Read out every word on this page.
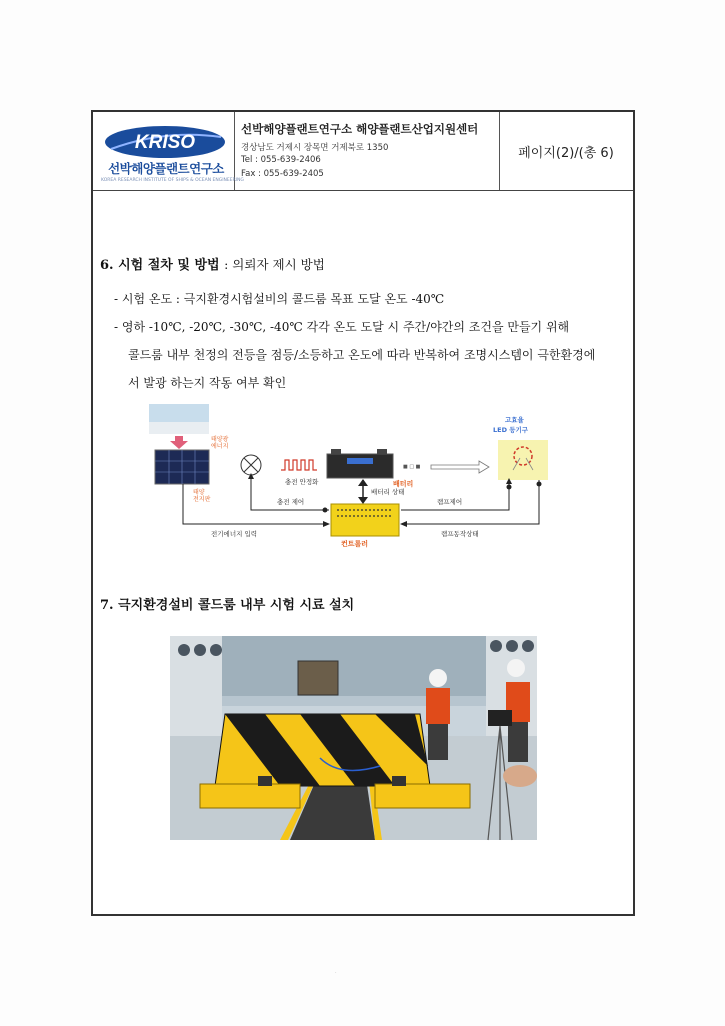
KRISO
선박해양플랜트연구소
KOREA RESEARCH INSTITUTE OF SHIPS & OCEAN ENGINEERING
선박해양플랜트연구소 해양플랜트산업지원센터
경상남도 거제시 장목면 거제북로 1350
Tel : 055-639-2406
Fax : 055-639-2405
페이지(2)/(총 6)
6. 시험 절차 및 방법 : 의뢰자 제시 방법
- 시험 온도 : 극지환경시험설비의 콜드룸 목표 도달 온도 -40℃
- 영하 -10℃, -20℃, -30℃, -40℃ 각각 온도 도달 시 주간/야간의 조건을 만들기 위해
콜드룸 내부 천정의 전등을 점등/소등하고 온도에 따라 반복하여 조명시스템이 극한환경에
서 발광 하는지 작동 여부 확인
태양광
에너지
태양
전지판
충전 안정화	배터리
■ □ ■
고효율
LED 등기구
배터리 상태
컨트롤러
전기에너지 입력
충전 제어	램프제어
램프동작상태
7. 극지환경설비 콜드룸 내부 시험 시료 설치
·
